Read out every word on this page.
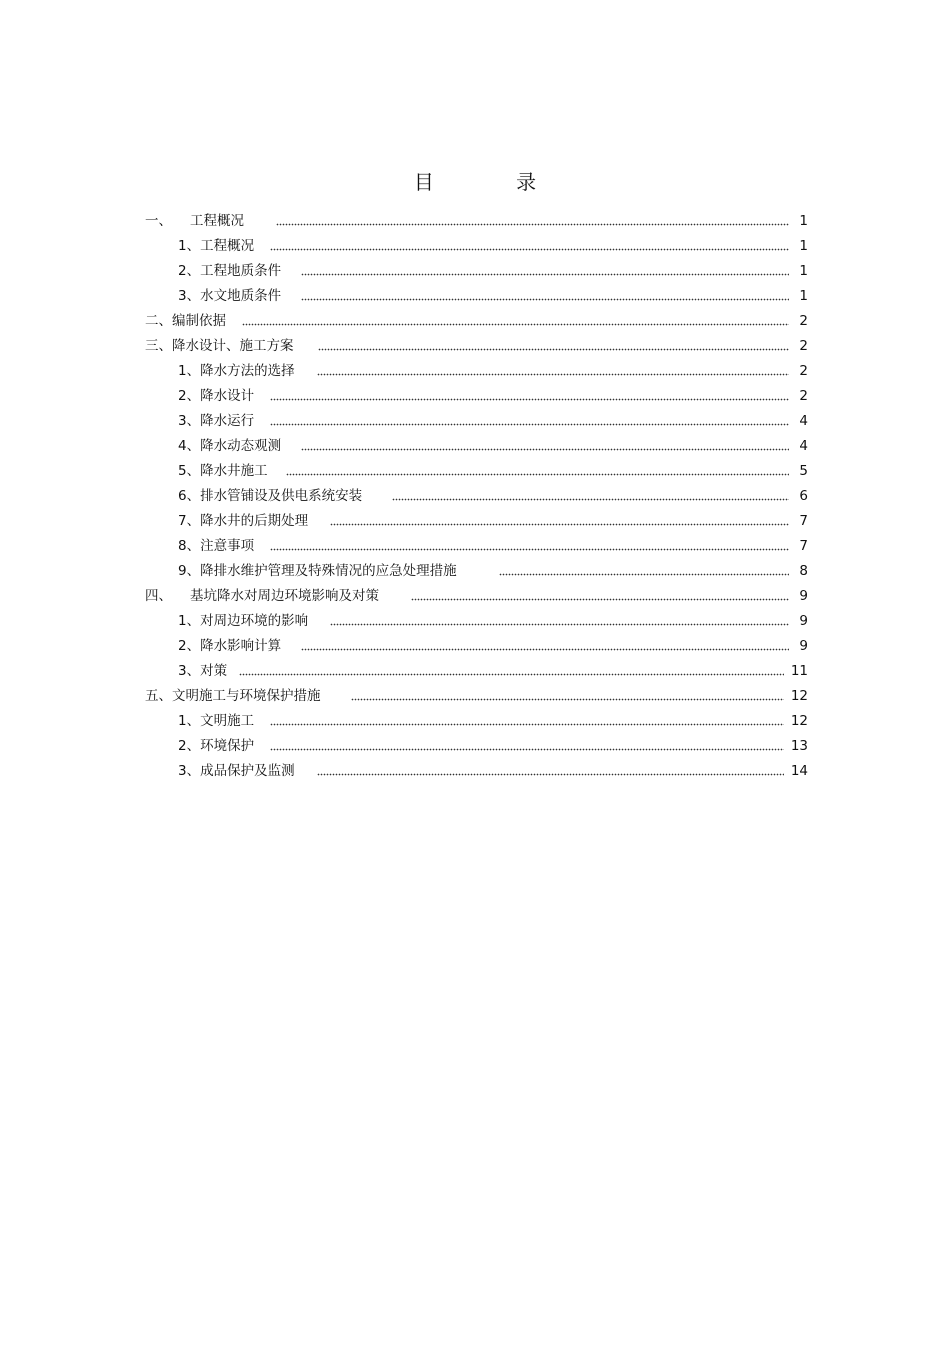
目 录
一、 工程概况	1
1、 工程概况	1
2、 工程地质条件	1
3、 水文地质条件	1
二、 编制依据	2
三、 降水设计、施工方案	2
1、 降水方法的选择	2
2、 降水设计	2
3、 降水运行	4
4、 降水动态观测	4
5、 降水井施工	5
6、 排水管铺设及供电系统安装	6
7、 降水井的后期处理	7
8、 注意事项	7
9、 降排水维护管理及特殊情况的应急处理措施	8
四、 基坑降水对周边环境影响及对策	9
1、 对周边环境的影响	9
2、 降水影响计算	9
3、 对策	11
五、 文明施工与环境保护措施	12
1、 文明施工	12
2、 环境保护	13
3、 成品保护及监测	14
